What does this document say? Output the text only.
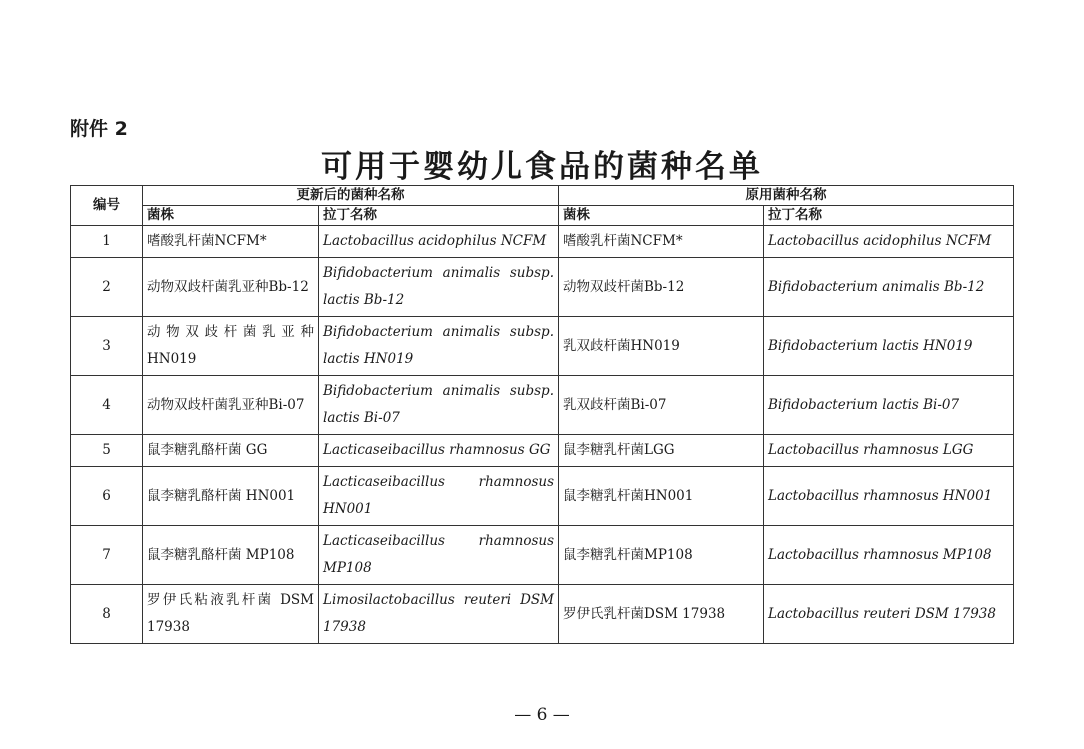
附件 2
可用于婴幼儿食品的菌种名单
编号	更新后的菌种名称		原用菌种名称	
	菌株	拉丁名称	菌株	拉丁名称
1	嗜酸乳杆菌NCFM*	Lactobacillus acidophilus NCFM	嗜酸乳杆菌NCFM*	Lactobacillus acidophilus NCFM
2	动物双歧杆菌乳亚种Bb-12	Bifidobacterium animalis subsp. lactis Bb-12	动物双歧杆菌Bb-12	Bifidobacterium animalis Bb-12
3	动物双歧杆菌乳亚种HN019	Bifidobacterium animalis subsp. lactis HN019	乳双歧杆菌HN019	Bifidobacterium lactis HN019
4	动物双歧杆菌乳亚种Bi-07	Bifidobacterium animalis subsp. lactis Bi-07	乳双歧杆菌Bi-07	Bifidobacterium lactis Bi-07
5	鼠李糖乳酪杆菌 GG	Lacticaseibacillus rhamnosus GG	鼠李糖乳杆菌LGG	Lactobacillus rhamnosus LGG
6	鼠李糖乳酪杆菌 HN001	Lacticaseibacillus rhamnosus HN001	鼠李糖乳杆菌HN001	Lactobacillus rhamnosus HN001
7	鼠李糖乳酪杆菌 MP108	Lacticaseibacillus rhamnosus MP108	鼠李糖乳杆菌MP108	Lactobacillus rhamnosus MP108
8	罗伊氏粘液乳杆菌 DSM 17938	Limosilactobacillus reuteri DSM 17938	罗伊氏乳杆菌DSM 17938	Lactobacillus reuteri DSM 17938
— 6 —
